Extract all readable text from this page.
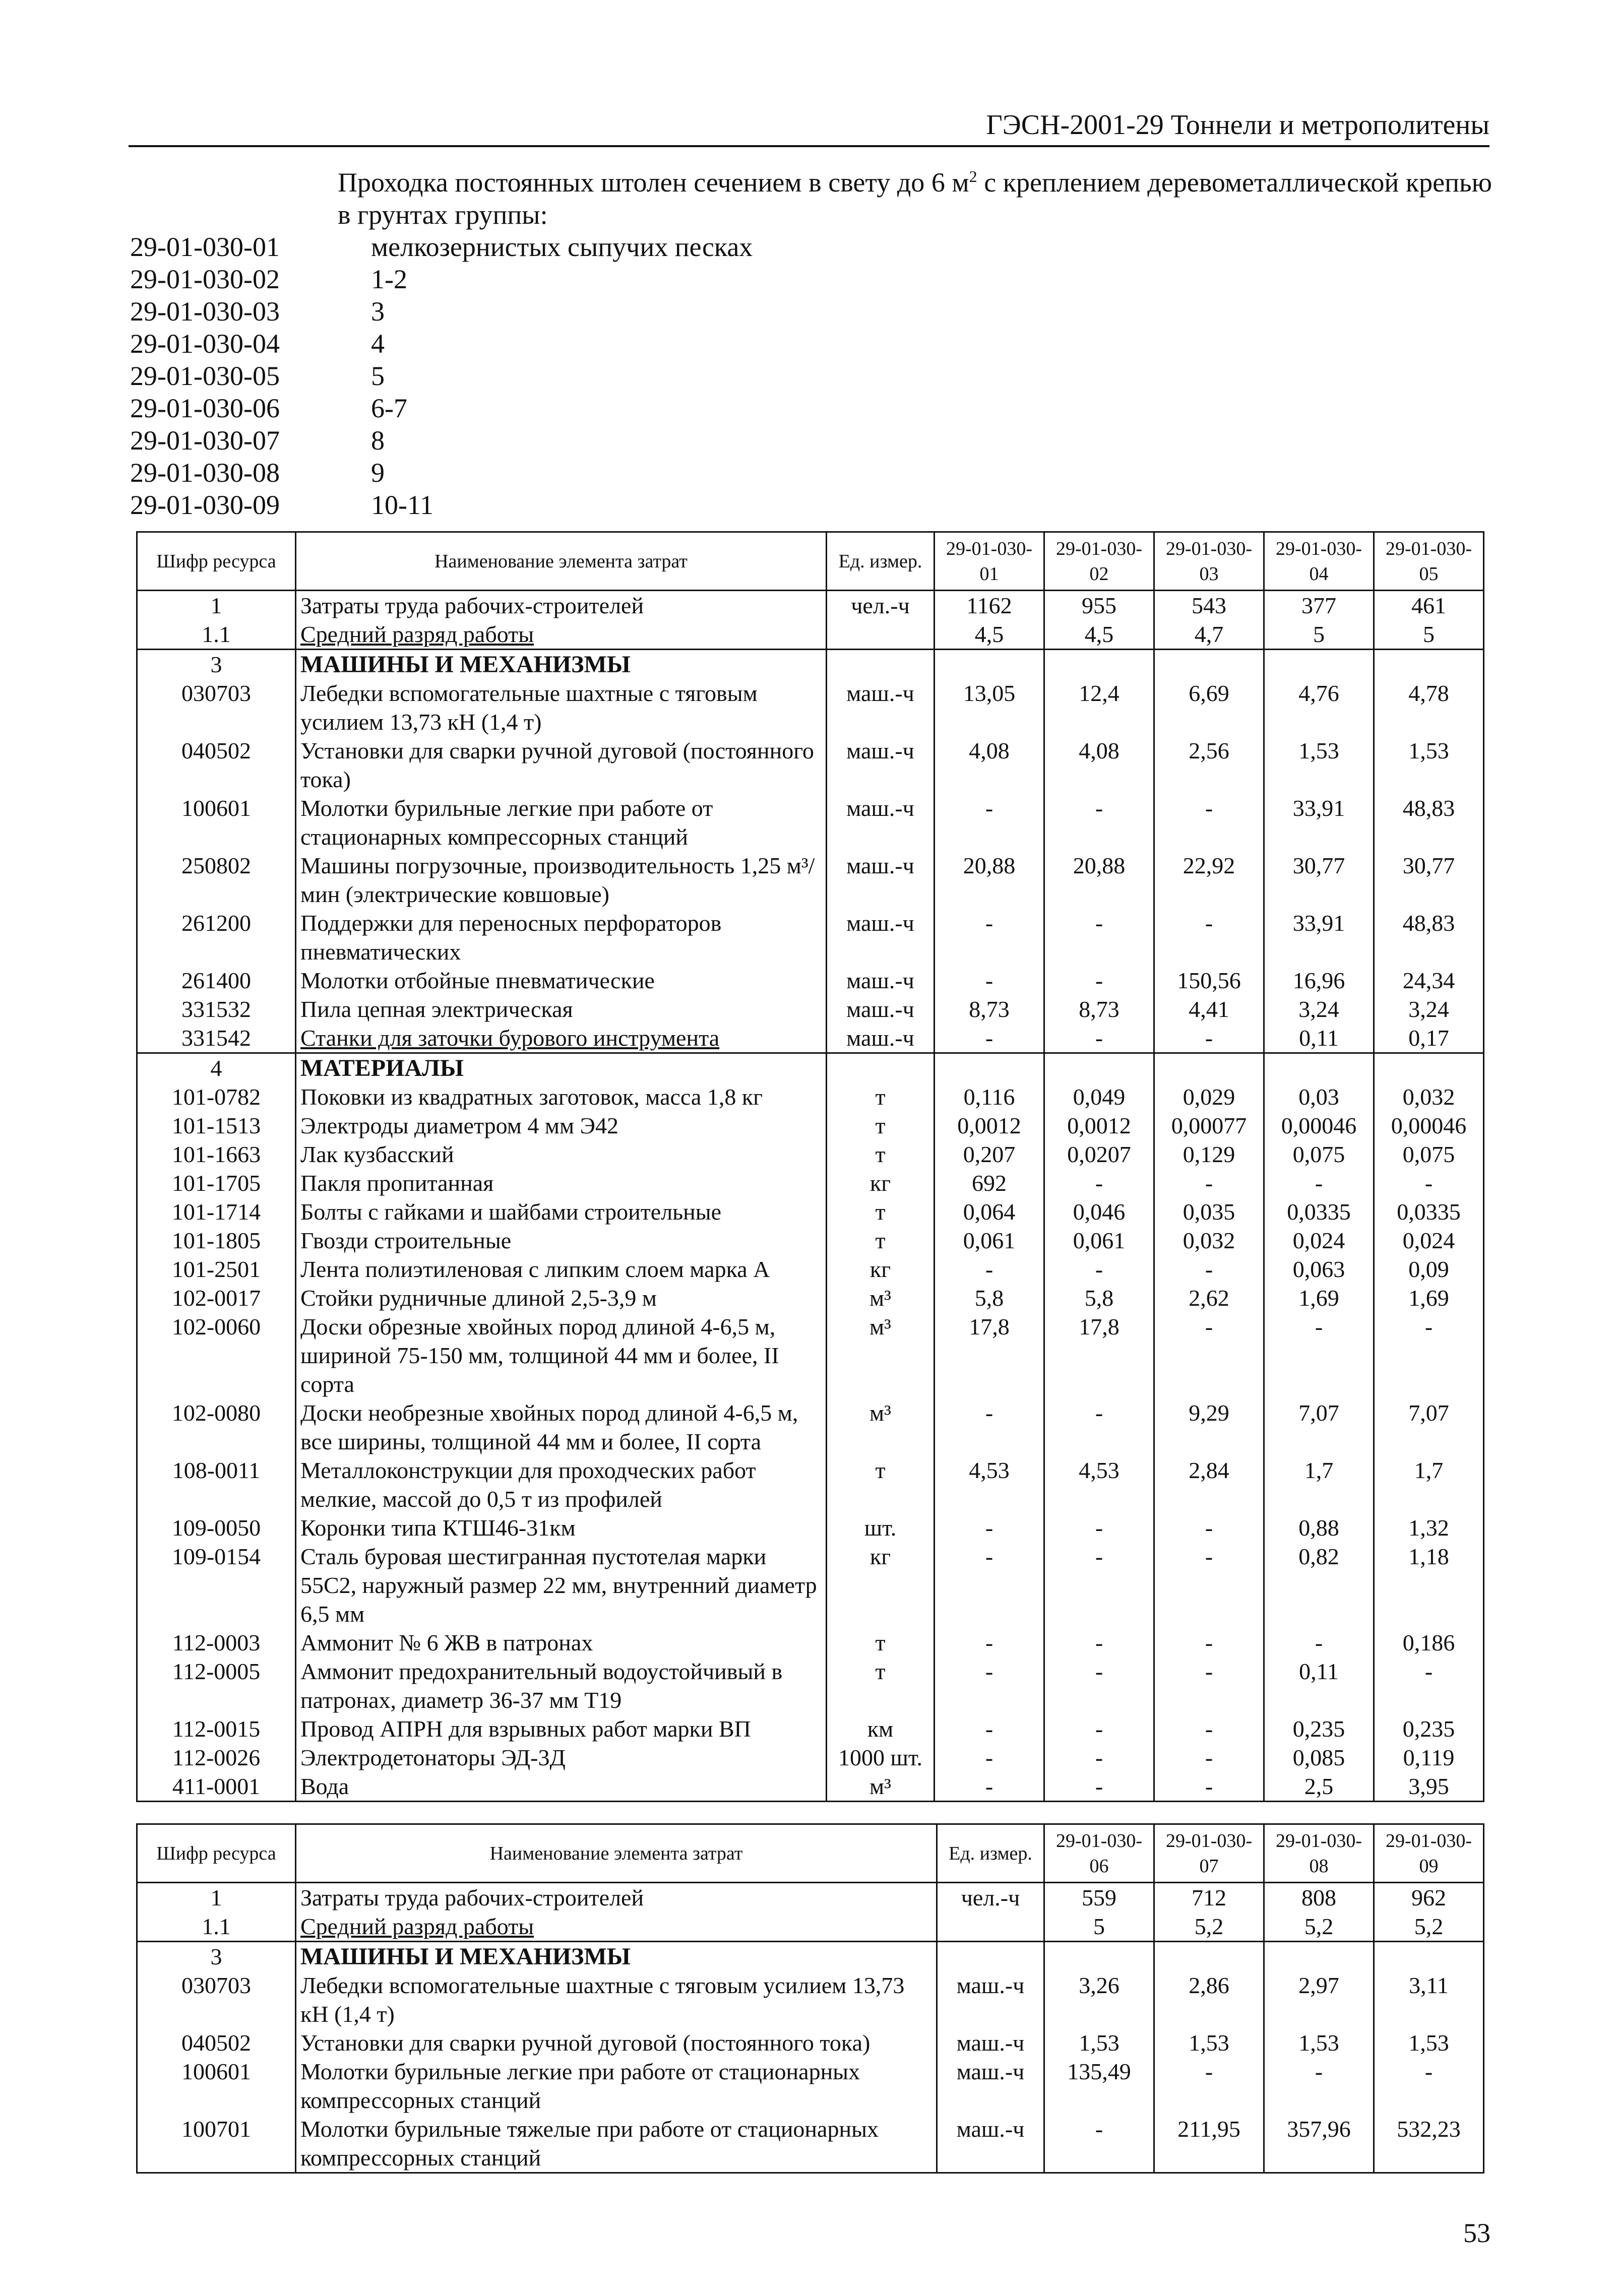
ГЭСН-2001-29 Тоннели и метрополитены
Проходка постоянных штолен сечением в свету до 6 $м^2$ с креплением деревометаллической крепью в грунтах группы:
29-01-030-01	мелкозернистых сыпучих песках
29-01-030-02	1-2
29-01-030-03	3
29-01-030-04	4
29-01-030-05	5
29-01-030-06	6-7
29-01-030-07	8
29-01-030-08	9
29-01-030-09	10-11
Шифр ресурса	Наименование элемента затрат	Ед. измер.	29-01-030-01	29-01-030-02	29-01-030-03	29-01-030-04	29-01-030-05
1	Затраты труда рабочих-строителей	чел.-ч	1162	955	543	377	461
1.1	Средний разряд работы		4,5	4,5	4,7	5	5
3	МАШИНЫ И МЕХАНИЗМЫ						
030703	Лебедки вспомогательные шахтные с тяговым усилием 13,73 кН (1,4 т)	маш.-ч	13,05	12,4	6,69	4,76	4,78
040502	Установки для сварки ручной дуговой (постоянного тока)	маш.-ч	4,08	4,08	2,56	1,53	1,53
100601	Молотки бурильные легкие при работе от стационарных компрессорных станций	маш.-ч	-	-	-	33,91	48,83
250802	Машины погрузочные, производительность 1,25 м³/мин (электрические ковшовые)	маш.-ч	20,88	20,88	22,92	30,77	30,77
261200	Поддержки для переносных перфораторов пневматических	маш.-ч	-	-	-	33,91	48,83
261400	Молотки отбойные пневматические	маш.-ч	-	-	150,56	16,96	24,34
331532	Пила цепная электрическая	маш.-ч	8,73	8,73	4,41	3,24	3,24
331542	Станки для заточки бурового инструмента	маш.-ч	-	-	-	0,11	0,17
4	МАТЕРИАЛЫ						
101-0782	Поковки из квадратных заготовок, масса 1,8 кг	т	0,116	0,049	0,029	0,03	0,032
101-1513	Электроды диаметром 4 мм Э42	т	0,0012	0,0012	0,00077	0,00046	0,00046
101-1663	Лак кузбасский	т	0,207	0,0207	0,129	0,075	0,075
101-1705	Пакля пропитанная	кг	692	-	-	-	-
101-1714	Болты с гайками и шайбами строительные	т	0,064	0,046	0,035	0,0335	0,0335
101-1805	Гвозди строительные	т	0,061	0,061	0,032	0,024	0,024
101-2501	Лента полиэтиленовая с липким слоем марка А	кг	-	-	-	0,063	0,09
102-0017	Стойки рудничные длиной 2,5-3,9 м	м³	5,8	5,8	2,62	1,69	1,69
102-0060	Доски обрезные хвойных пород длиной 4-6,5 м, шириной 75-150 мм, толщиной 44 мм и более, II сорта	м³	17,8	17,8	-	-	-
102-0080	Доски необрезные хвойных пород длиной 4-6,5 м, все ширины, толщиной 44 мм и более, II сорта	м³	-	-	9,29	7,07	7,07
108-0011	Металлоконструкции для проходческих работ мелкие, массой до 0,5 т из профилей	т	4,53	4,53	2,84	1,7	1,7
109-0050	Коронки типа КТШ46-31км	шт.	-	-	-	0,88	1,32
109-0154	Сталь буровая шестигранная пустотелая марки 55С2, наружный размер 22 мм, внутренний диаметр 6,5 мм	кг	-	-	-	0,82	1,18
112-0003	Аммонит № 6 ЖВ в патронах	т	-	-	-	-	0,186
112-0005	Аммонит предохранительный водоустойчивый в патронах, диаметр 36-37 мм Т19	т	-	-	-	0,11	-
112-0015	Провод АПРН для взрывных работ марки ВП	км	-	-	-	0,235	0,235
112-0026	Электродетонаторы ЭД-3Д	1000 шт.	-	-	-	0,085	0,119
411-0001	Вода	м³	-	-	-	2,5	3,95
Шифр ресурса	Наименование элемента затрат	Ед. измер.	29-01-030-06	29-01-030-07	29-01-030-08	29-01-030-09
1	Затраты труда рабочих-строителей	чел.-ч	559	712	808	962
1.1	Средний разряд работы		5	5,2	5,2	5,2
3	МАШИНЫ И МЕХАНИЗМЫ					
030703	Лебедки вспомогательные шахтные с тяговым усилием 13,73 кН (1,4 т)	маш.-ч	3,26	2,86	2,97	3,11
040502	Установки для сварки ручной дуговой (постоянного тока)	маш.-ч	1,53	1,53	1,53	1,53
100601	Молотки бурильные легкие при работе от стационарных компрессорных станций	маш.-ч	135,49	-	-	-
100701	Молотки бурильные тяжелые при работе от стационарных компрессорных станций	маш.-ч	-	211,95	357,96	532,23
53
